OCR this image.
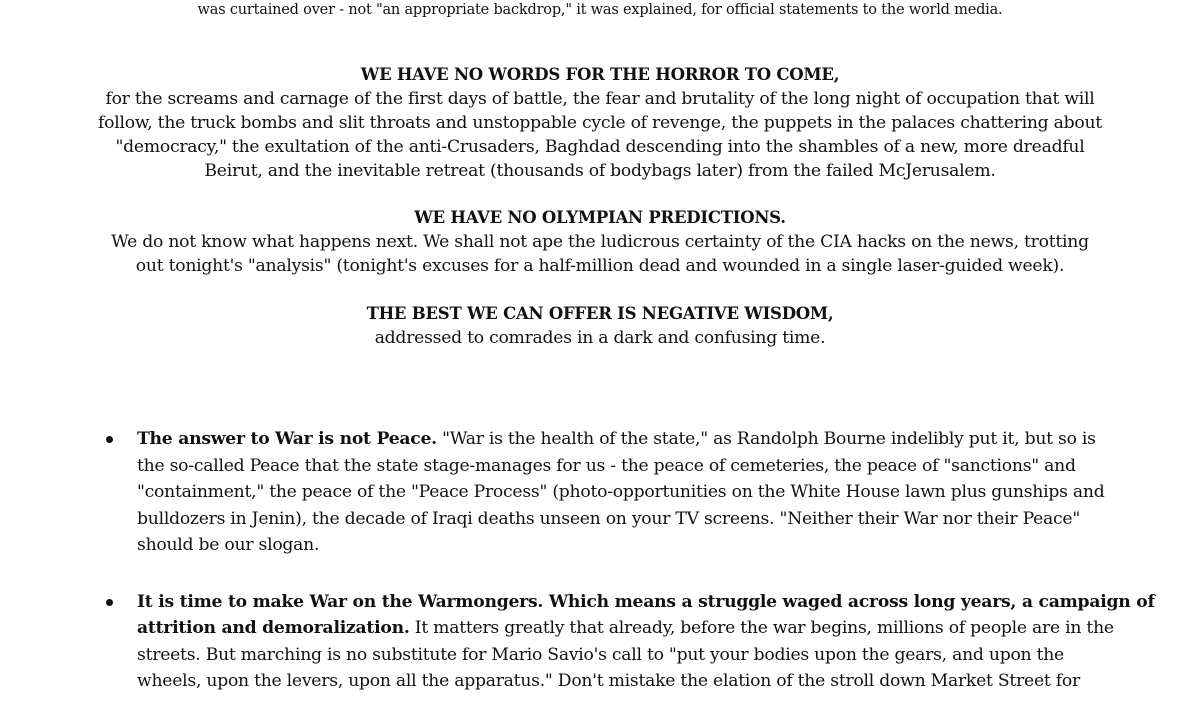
was curtained over - not "an appropriate backdrop," it was explained, for official statements to the world media.
WE HAVE NO WORDS FOR THE HORROR TO COME,
for the screams and carnage of the first days of battle, the fear and brutality of the long night of occupation that will
follow, the truck bombs and slit throats and unstoppable cycle of revenge, the puppets in the palaces chattering about
"democracy," the exultation of the anti-Crusaders, Baghdad descending into the shambles of a new, more dreadful
Beirut, and the inevitable retreat (thousands of bodybags later) from the failed McJerusalem.
WE HAVE NO OLYMPIAN PREDICTIONS.
We do not know what happens next. We shall not ape the ludicrous certainty of the CIA hacks on the news, trotting
out tonight's "analysis" (tonight's excuses for a half-million dead and wounded in a single laser-guided week).
THE BEST WE CAN OFFER IS NEGATIVE WISDOM,
addressed to comrades in a dark and confusing time.
The answer to War is not Peace. "War is the health of the state," as Randolph Bourne indelibly put it, but so is
the so-called Peace that the state stage-manages for us - the peace of cemeteries, the peace of "sanctions" and
"containment," the peace of the "Peace Process" (photo-opportunities on the White House lawn plus gunships and
bulldozers in Jenin), the decade of Iraqi deaths unseen on your TV screens. "Neither their War nor their Peace"
should be our slogan.
It is time to make War on the Warmongers. Which means a struggle waged across long years, a campaign of
attrition and demoralization. It matters greatly that already, before the war begins, millions of people are in the
streets. But marching is no substitute for Mario Savio's call to "put your bodies upon the gears, and upon the
wheels, upon the levers, upon all the apparatus." Don't mistake the elation of the stroll down Market Street for
